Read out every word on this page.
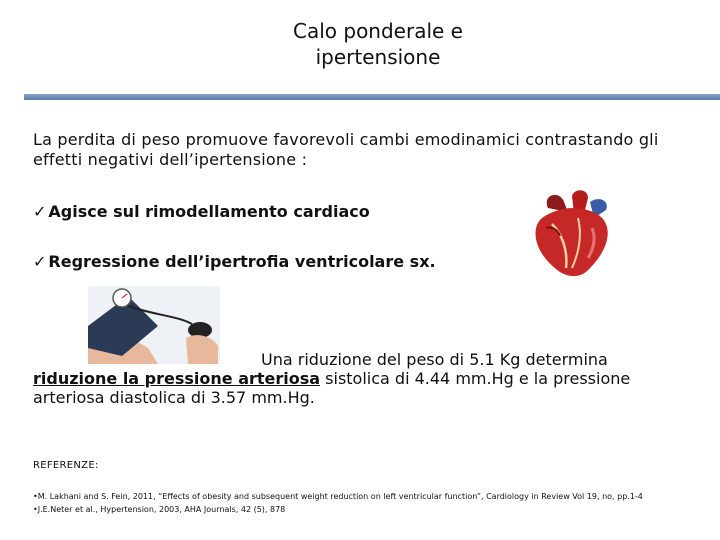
Calo ponderale e
ipertensione
La perdita di peso promuove favorevoli cambi emodinamici contrastando gli effetti negativi dell’ipertensione :
✓ Agisce sul rimodellamento cardiaco
✓ Regressione dell’ipertrofia ventricolare sx.
Una riduzione del peso di 5.1 Kg determina
riduzione la pressione arteriosa sistolica di 4.44 mm.Hg e la pressione arteriosa diastolica di 3.57 mm.Hg.
REFERENZE:
•M. Lakhani and S. Fein, 2011, “Effects of obesity and subsequent weight reduction on left ventricular function”, Cardiology in Review Vol 19, no, pp.1-4
•J.E.Neter et al., Hypertension, 2003, AHA Journals, 42 (5), 878
